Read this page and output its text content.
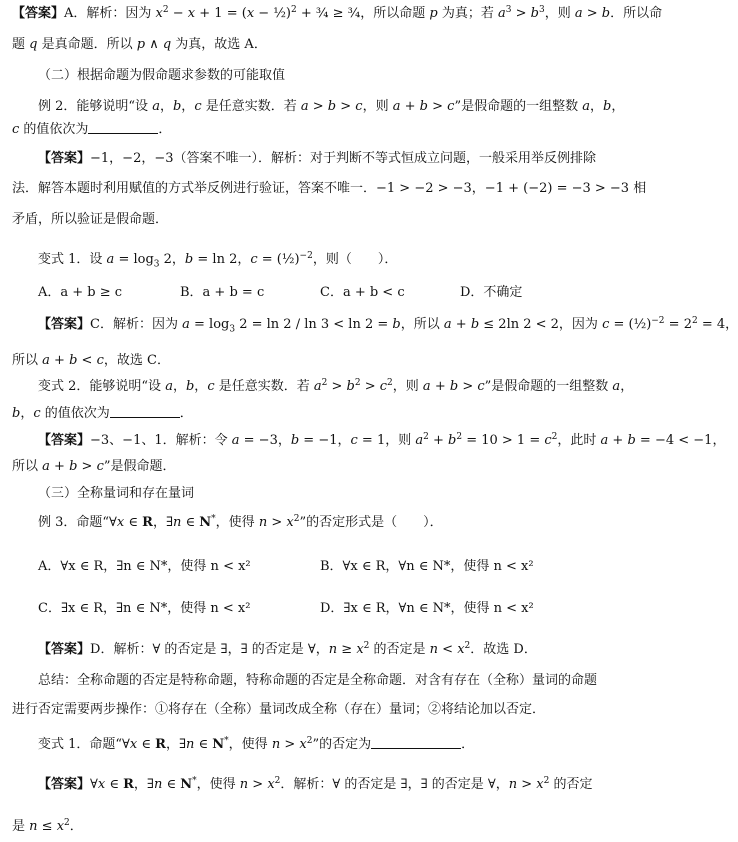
【答案】A．解析：因为 $x^2 - x + 1 = (x$ − ½)$^2$ + ¾ ≥ ¾，所以命题 p 为真；若 $a^3 > b^3$，则 a > b．所以命
题 q 是真命题．所以 p ∧ q 为真，故选 A．
（二）根据命题为假命题求参数的可能取值
例 2．能够说明“设 a，b，c 是任意实数．若 a > b > c，则 a + b > c”是假命题的一组整数 a，b，
c 的值依次为	．
【答案】−1，−2，−3（答案不唯一）．解析：对于判断不等式恒成立问题，一般采用举反例排除
法．解答本题时利用赋值的方式举反例进行验证，答案不唯一．−1 > −2 > −3，−1 + (−2) = −3 > −3 相
矛盾，所以验证是假命题．
变式 1．设 $a = \log_3 2$，b = ln 2，c = (½)$^{-2}$，则（　　）．
A．a + b ≥ c	B．a + b = c	C．a + b < c	D．不确定
【答案】C．解析：因为 $a = \log_3 2 = \ln 2 / \ln 3 < \ln 2 = b$，所以 a + b ≤ 2ln 2 < 2，因为 c = (½)$^{-2}$ = $2^2 = 4$，
所以 a + b < c，故选 C．
变式 2．能够说明“设 a，b，c 是任意实数．若 $a^2 > b^2 > c^2$，则 a + b > c”是假命题的一组整数 a，
b，c 的值依次为	．
【答案】−3、−1、1．解析：令 a = −3，b = −1，c = 1，则 $a^2 + b^2 = 10 > 1 = c^2$，此时 a + b = −4 < −1，
所以 a + b > c”是假命题．
（三）全称量词和存在量词
例 3．命题“∀x ∈ R，∃n ∈ N*，使得 $n > x^2$”的否定形式是（　　）．
A．∀x ∈ R，∃n ∈ N*，使得 n < x²	B．∀x ∈ R，∀n ∈ N*，使得 n < x²
C．∃x ∈ R，∃n ∈ N*，使得 n < x²	D．∃x ∈ R，∀n ∈ N*，使得 n < x²
【答案】D．解析：∀ 的否定是 ∃，∃ 的否定是 ∀，$n \ge x^2$ 的否定是 $n < x^2$．故选 D．
总结：全称命题的否定是特称命题，特称命题的否定是全称命题．对含有存在（全称）量词的命题
进行否定需要两步操作：①将存在（全称）量词改成全称（存在）量词；②将结论加以否定．
变式 1．命题“∀x ∈ R，∃n ∈ N*，使得 $n > x^2$”的否定为	．
【答案】∀x ∈ R，∃n ∈ N*，使得 $n > x^2$．解析：∀ 的否定是 ∃，∃ 的否定是 ∀，$n > x^2$ 的否定
是 $n \le x^2$．
